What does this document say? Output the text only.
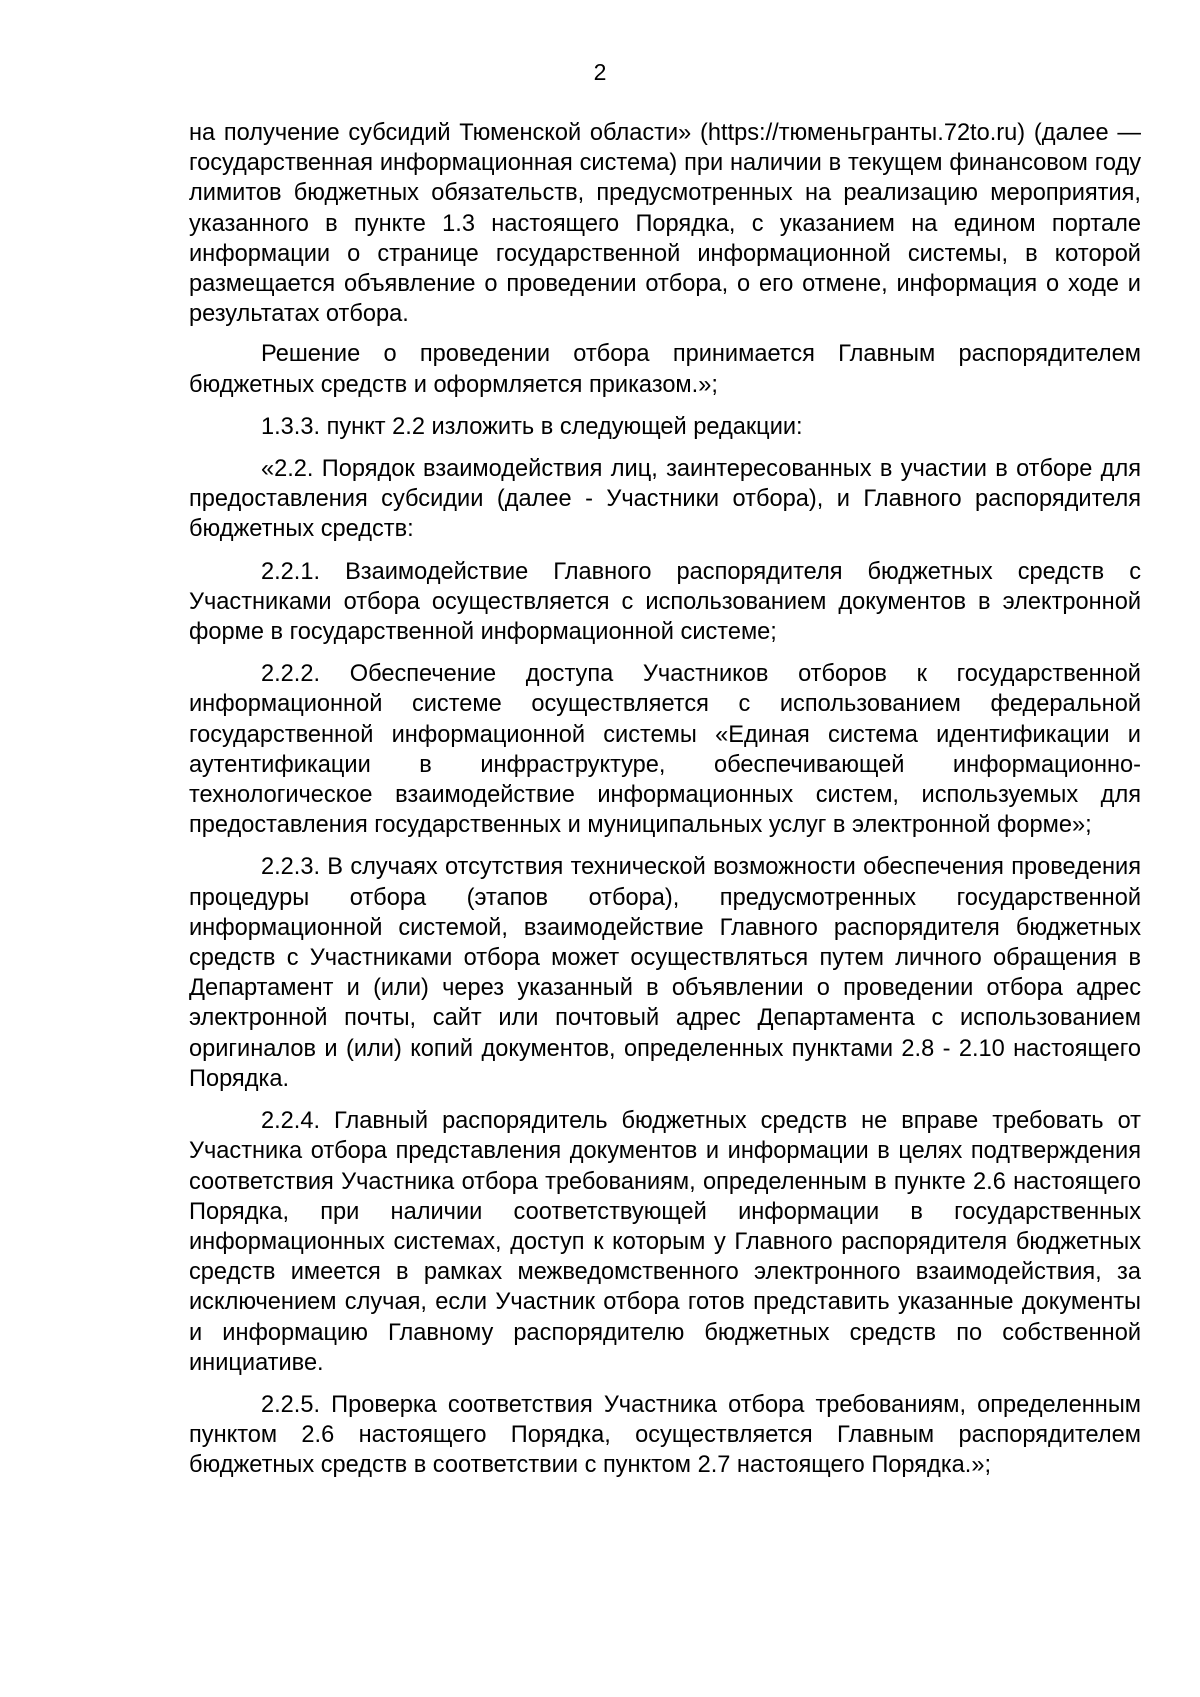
2

на получение субсидий Тюменской области» (https://тюменьгранты.72to.ru) (далее — государственная информационная система) при наличии в текущем финансовом году лимитов бюджетных обязательств, предусмотренных на реализацию мероприятия, указанного в пункте 1.3 настоящего Порядка, с указанием на едином портале информации о странице государственной информационной системы, в которой размещается объявление о проведении отбора, о его отмене, информация о ходе и результатах отбора.

Решение о проведении отбора принимается Главным распорядителем бюджетных средств и оформляется приказом.»;

1.3.3. пункт 2.2 изложить в следующей редакции:

«2.2. Порядок взаимодействия лиц, заинтересованных в участии в отборе для предоставления субсидии (далее - Участники отбора), и Главного распорядителя бюджетных средств:

2.2.1. Взаимодействие Главного распорядителя бюджетных средств с Участниками отбора осуществляется с использованием документов в электронной форме в государственной информационной системе;

2.2.2. Обеспечение доступа Участников отборов к государственной информационной системе осуществляется с использованием федеральной государственной информационной системы «Единая система идентификации и аутентификации в инфраструктуре, обеспечивающей информационно-технологическое взаимодействие информационных систем, используемых для предоставления государственных и муниципальных услуг в электронной форме»;

2.2.3. В случаях отсутствия технической возможности обеспечения проведения процедуры отбора (этапов отбора), предусмотренных государственной информационной системой, взаимодействие Главного распорядителя бюджетных средств с Участниками отбора может осуществляться путем личного обращения в Департамент и (или) через указанный в объявлении о проведении отбора адрес электронной почты, сайт или почтовый адрес Департамента с использованием оригиналов и (или) копий документов, определенных пунктами 2.8 - 2.10 настоящего Порядка.

2.2.4. Главный распорядитель бюджетных средств не вправе требовать от Участника отбора представления документов и информации в целях подтверждения соответствия Участника отбора требованиям, определенным в пункте 2.6 настоящего Порядка, при наличии соответствующей информации в государственных информационных системах, доступ к которым у Главного распорядителя бюджетных средств имеется в рамках межведомственного электронного взаимодействия, за исключением случая, если Участник отбора готов представить указанные документы и информацию Главному распорядителю бюджетных средств по собственной инициативе.

2.2.5. Проверка соответствия Участника отбора требованиям, определенным пунктом 2.6 настоящего Порядка, осуществляется Главным распорядителем бюджетных средств в соответствии с пунктом 2.7 настоящего Порядка.»;
